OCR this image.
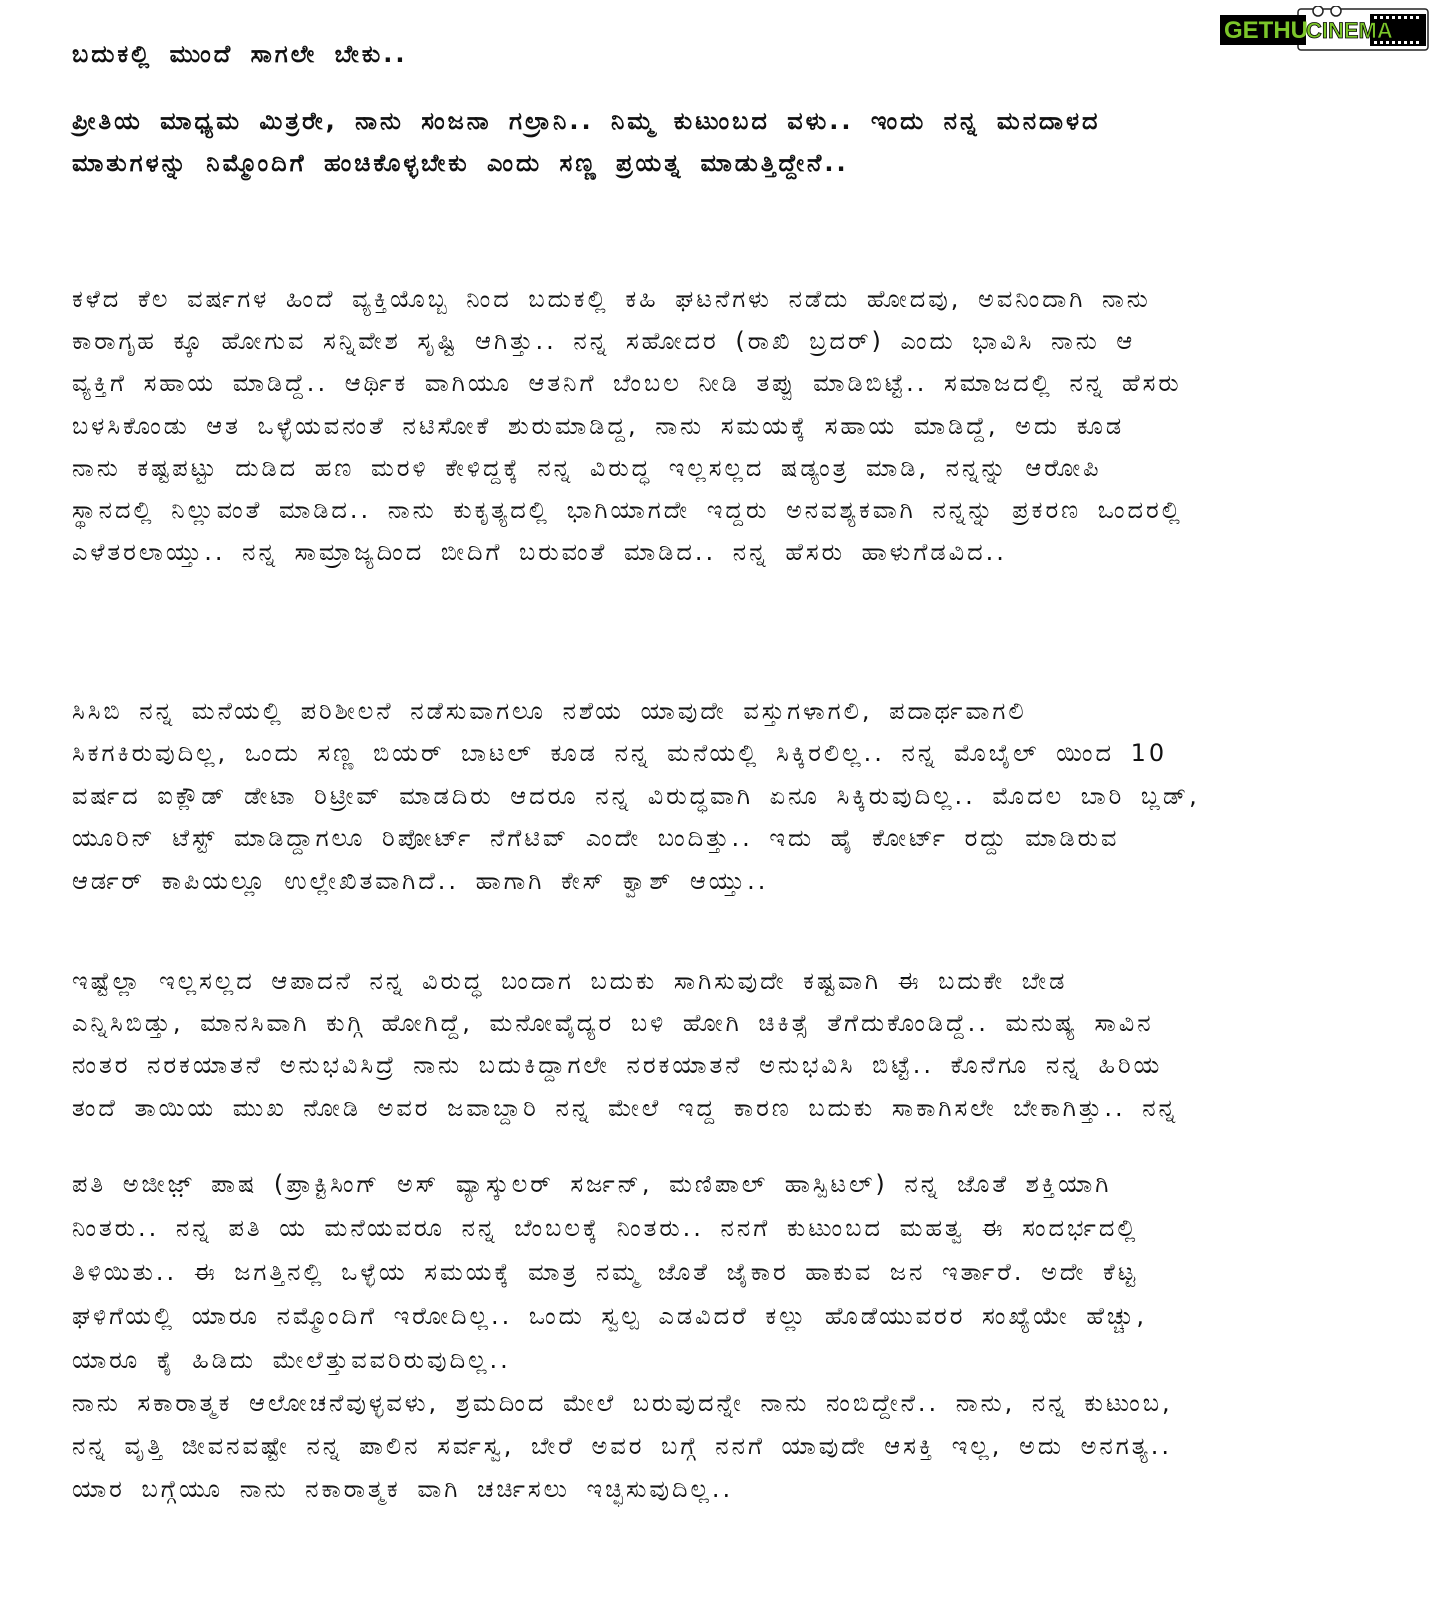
GETHU
CINEMA
ಬದುಕಲ್ಲಿ ಮುಂದೆ ಸಾಗಲೇ ಬೇಕು..
ಪ್ರೀತಿಯ ಮಾಧ್ಯಮ ಮಿತ್ರರೇ, ನಾನು ಸಂಜನಾ ಗಲ್ರಾನಿ.. ನಿಮ್ಮ ಕುಟುಂಬದ ವಳು.. ಇಂದು ನನ್ನ ಮನದಾಳದ
ಮಾತುಗಳನ್ನು ನಿಮ್ಮೊಂದಿಗೆ ಹಂಚಿಕೊಳ್ಳಬೇಕು ಎಂದು ಸಣ್ಣ ಪ್ರಯತ್ನ ಮಾಡುತ್ತಿದ್ದೇನೆ..
ಕಳೆದ ಕೆಲ ವರ್ಷಗಳ ಹಿಂದೆ ವ್ಯಕ್ತಿಯೊಬ್ಬ ನಿಂದ ಬದುಕಲ್ಲಿ ಕಹಿ ಘಟನೆಗಳು ನಡೆದು ಹೋದವು, ಅವನಿಂದಾಗಿ ನಾನು
ಕಾರಾಗೃಹ ಕ್ಕೂ ಹೋಗುವ ಸನ್ನಿವೇಶ ಸೃಷ್ಟಿ ಆಗಿತ್ತು.. ನನ್ನ ಸಹೋದರ (ರಾಖಿ ಬ್ರದರ್) ಎಂದು ಭಾವಿಸಿ ನಾನು ಆ
ವ್ಯಕ್ತಿಗೆ ಸಹಾಯ ಮಾಡಿದ್ದೆ.. ಆರ್ಥಿಕ ವಾಗಿಯೂ ಆತನಿಗೆ ಬೆಂಬಲ ನೀಡಿ ತಪ್ಪು ಮಾಡಿಬಿಟ್ಟೆ.. ಸಮಾಜದಲ್ಲಿ ನನ್ನ ಹೆಸರು
ಬಳಸಿಕೊಂಡು ಆತ ಒಳ್ಳೆಯವನಂತೆ ನಟಿಸೋಕೆ ಶುರುಮಾಡಿದ್ದ, ನಾನು ಸಮಯಕ್ಕೆ ಸಹಾಯ ಮಾಡಿದ್ದೆ, ಅದು ಕೂಡ
ನಾನು ಕಷ್ಟಪಟ್ಟು ದುಡಿದ ಹಣ ಮರಳಿ ಕೇಳಿದ್ದಕ್ಕೆ ನನ್ನ ವಿರುದ್ಧ ಇಲ್ಲಸಲ್ಲದ ಷಡ್ಯಂತ್ರ ಮಾಡಿ, ನನ್ನನ್ನು ಆರೋಪಿ
ಸ್ಥಾನದಲ್ಲಿ ನಿಲ್ಲುವಂತೆ ಮಾಡಿದ.. ನಾನು ಕುಕೃತ್ಯದಲ್ಲಿ ಭಾಗಿಯಾಗದೇ ಇದ್ದರು ಅನವಶ್ಯಕವಾಗಿ ನನ್ನನ್ನು ಪ್ರಕರಣ ಒಂದರಲ್ಲಿ
ಎಳೆತರಲಾಯ್ತು.. ನನ್ನ ಸಾಮ್ರಾಜ್ಯದಿಂದ ಬೀದಿಗೆ ಬರುವಂತೆ ಮಾಡಿದ.. ನನ್ನ ಹೆಸರು ಹಾಳುಗೆಡವಿದ..
ಸಿಸಿಬಿ ನನ್ನ ಮನೆಯಲ್ಲಿ ಪರಿಶೀಲನೆ ನಡೆಸುವಾಗಲೂ ನಶೆಯ ಯಾವುದೇ ವಸ್ತುಗಳಾಗಲಿ, ಪದಾರ್ಥವಾಗಲಿ
ಸಿಕಗಕಿರುವುದಿಲ್ಲ, ಒಂದು ಸಣ್ಣ ಬಿಯರ್ ಬಾಟಲ್ ಕೂಡ ನನ್ನ ಮನೆಯಲ್ಲಿ ಸಿಕ್ಕಿರಲಿಲ್ಲ.. ನನ್ನ ಮೊಬೈಲ್ ಯಿಂದ 10
ವರ್ಷದ ಐಕ್ಲೌಡ್ ಡೇಟಾ ರಿಟ್ರೀವ್ ಮಾಡದಿರು ಆದರೂ ನನ್ನ ವಿರುದ್ಧವಾಗಿ ಏನೂ ಸಿಕ್ಕಿರುವುದಿಲ್ಲ.. ಮೊದಲ ಬಾರಿ ಬ್ಲಡ್,
ಯೂರಿನ್ ಟೆಸ್ಟ್ ಮಾಡಿದ್ದಾಗಲೂ ರಿಪೋರ್ಟ್ ನೆಗೆಟಿವ್ ಎಂದೇ ಬಂದಿತ್ತು.. ಇದು ಹೈ ಕೋರ್ಟ್ ರದ್ದು ಮಾಡಿರುವ
ಆರ್ಡರ್ ಕಾಪಿಯಲ್ಲೂ ಉಲ್ಲೇಖಿತವಾಗಿದೆ.. ಹಾಗಾಗಿ ಕೇಸ್ ಕ್ವಾಶ್ ಆಯ್ತು..
ಇಷ್ಟೆಲ್ಲಾ ಇಲ್ಲಸಲ್ಲದ ಆಪಾದನೆ ನನ್ನ ವಿರುದ್ಧ ಬಂದಾಗ ಬದುಕು ಸಾಗಿಸುವುದೇ ಕಷ್ಟವಾಗಿ ಈ ಬದುಕೇ ಬೇಡ
ಎನ್ನಿಸಿಬಿಡ್ತು, ಮಾನಸಿವಾಗಿ ಕುಗ್ಗಿ ಹೋಗಿದ್ದೆ, ಮನೋವೈದ್ಯರ ಬಳಿ ಹೋಗಿ ಚಿಕಿತ್ಸೆ ತೆಗೆದುಕೊಂಡಿದ್ದೆ.. ಮನುಷ್ಯ ಸಾವಿನ
ನಂತರ ನರಕಯಾತನೆ ಅನುಭವಿಸಿದ್ರೆ ನಾನು ಬದುಕಿದ್ದಾಗಲೇ ನರಕಯಾತನೆ ಅನುಭವಿಸಿ ಬಿಟ್ಟೆ.. ಕೊನೆಗೂ ನನ್ನ ಹಿರಿಯ
ತಂದೆ ತಾಯಿಯ ಮುಖ ನೋಡಿ ಅವರ ಜವಾಬ್ದಾರಿ ನನ್ನ ಮೇಲೆ ಇದ್ದ ಕಾರಣ ಬದುಕು ಸಾಕಾಗಿಸಲೇ ಬೇಕಾಗಿತ್ತು.. ನನ್ನ
ಪತಿ ಅಜೀಜ಼್ ಪಾಷ (ಪ್ರಾಕ್ಟಿಸಿಂಗ್ ಅಸ್ ವ್ಯಾಸ್ಕುಲರ್ ಸರ್ಜನ್, ಮಣಿಪಾಲ್ ಹಾಸ್ಪಿಟಲ್) ನನ್ನ ಜೊತೆ ಶಕ್ತಿಯಾಗಿ
ನಿಂತರು.. ನನ್ನ ಪತಿ ಯ ಮನೆಯವರೂ ನನ್ನ ಬೆಂಬಲಕ್ಕೆ ನಿಂತರು.. ನನಗೆ ಕುಟುಂಬದ ಮಹತ್ವ ಈ ಸಂದರ್ಭದಲ್ಲಿ
ತಿಳಿಯಿತು.. ಈ ಜಗತ್ತಿನಲ್ಲಿ ಒಳ್ಳೆಯ ಸಮಯಕ್ಕೆ ಮಾತ್ರ ನಮ್ಮ ಜೊತೆ ಜೈಕಾರ ಹಾಕುವ ಜನ ಇರ್ತಾರೆ. ಅದೇ ಕೆಟ್ಟ
ಘಳಿಗೆಯಲ್ಲಿ ಯಾರೂ ನಮ್ಮೊಂದಿಗೆ ಇರೋದಿಲ್ಲ.. ಒಂದು ಸ್ವಲ್ಪ ಎಡವಿದರೆ ಕಲ್ಲು ಹೊಡೆಯುವರರ ಸಂಖ್ಯೆಯೇ ಹೆಚ್ಚು,
ಯಾರೂ ಕೈ ಹಿಡಿದು ಮೇಲೆತ್ತುವವರಿರುವುದಿಲ್ಲ..
ನಾನು ಸಕಾರಾತ್ಮಕ ಆಲೋಚನೆವುಳ್ಳವಳು, ಶ್ರಮದಿಂದ ಮೇಲೆ ಬರುವುದನ್ನೇ ನಾನು ನಂಬಿದ್ದೇನೆ.. ನಾನು, ನನ್ನ ಕುಟುಂಬ,
ನನ್ನ ವೃತ್ತಿ ಜೀವನವಷ್ಟೇ ನನ್ನ ಪಾಲಿನ ಸರ್ವಸ್ವ, ಬೇರೆ ಅವರ ಬಗ್ಗೆ ನನಗೆ ಯಾವುದೇ ಆಸಕ್ತಿ ಇಲ್ಲ, ಅದು ಅನಗತ್ಯ..
ಯಾರ ಬಗ್ಗೆಯೂ ನಾನು ನಕಾರಾತ್ಮಕ ವಾಗಿ ಚರ್ಚಿಸಲು ಇಚ್ಛಿಸುವುದಿಲ್ಲ..
